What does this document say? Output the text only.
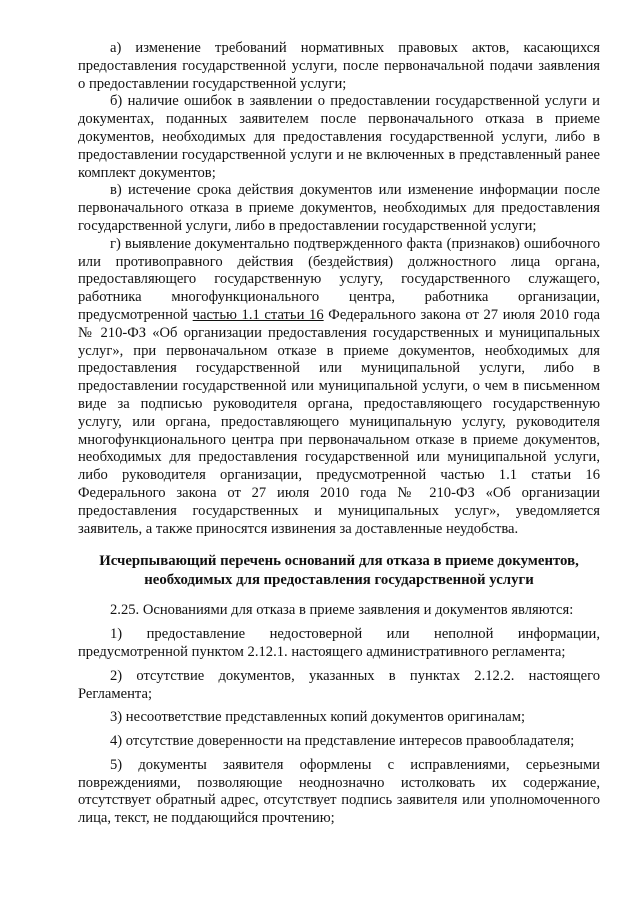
а) изменение требований нормативных правовых актов, касающихся предоставления государственной услуги, после первоначальной подачи заявления о предоставлении государственной услуги;

б) наличие ошибок в заявлении о предоставлении государственной услуги и документах, поданных заявителем после первоначального отказа в приеме документов, необходимых для предоставления государственной услуги, либо в предоставлении государственной услуги и не включенных в представленный ранее комплект документов;

в) истечение срока действия документов или изменение информации после первоначального отказа в приеме документов, необходимых для предоставления государственной услуги, либо в предоставлении государственной услуги;

г) выявление документально подтвержденного факта (признаков) ошибочного или противоправного действия (бездействия) должностного лица органа, предоставляющего государственную услугу, государственного служащего, работника многофункционального центра, работника организации, предусмотренной частью 1.1 статьи 16 Федерального закона от 27 июля 2010 года № 210-ФЗ «Об организации предоставления государственных и муниципальных услуг», при первоначальном отказе в приеме документов, необходимых для предоставления государственной или муниципальной услуги, либо в предоставлении государственной или муниципальной услуги, о чем в письменном виде за подписью руководителя органа, предоставляющего государственную услугу, или органа, предоставляющего муниципальную услугу, руководителя многофункционального центра при первоначальном отказе в приеме документов, необходимых для предоставления государственной или муниципальной услуги, либо руководителя организации, предусмотренной частью 1.1 статьи 16 Федерального закона от 27 июля 2010 года № 210-ФЗ «Об организации предоставления государственных и муниципальных услуг», уведомляется заявитель, а также приносятся извинения за доставленные неудобства.

Исчерпывающий перечень оснований для отказа в приеме документов, необходимых для предоставления государственной услуги

2.25. Основаниями для отказа в приеме заявления и документов являются:

1) предоставление недостоверной или неполной информации, предусмотренной пунктом 2.12.1. настоящего административного регламента;

2) отсутствие документов, указанных в пунктах 2.12.2. настоящего Регламента;

3) несоответствие представленных копий документов оригиналам;

4) отсутствие доверенности на представление интересов правообладателя;

5) документы заявителя оформлены с исправлениями, серьезными повреждениями, позволяющие неоднозначно истолковать их содержание, отсутствует обратный адрес, отсутствует подпись заявителя или уполномоченного лица, текст, не поддающийся прочтению;
